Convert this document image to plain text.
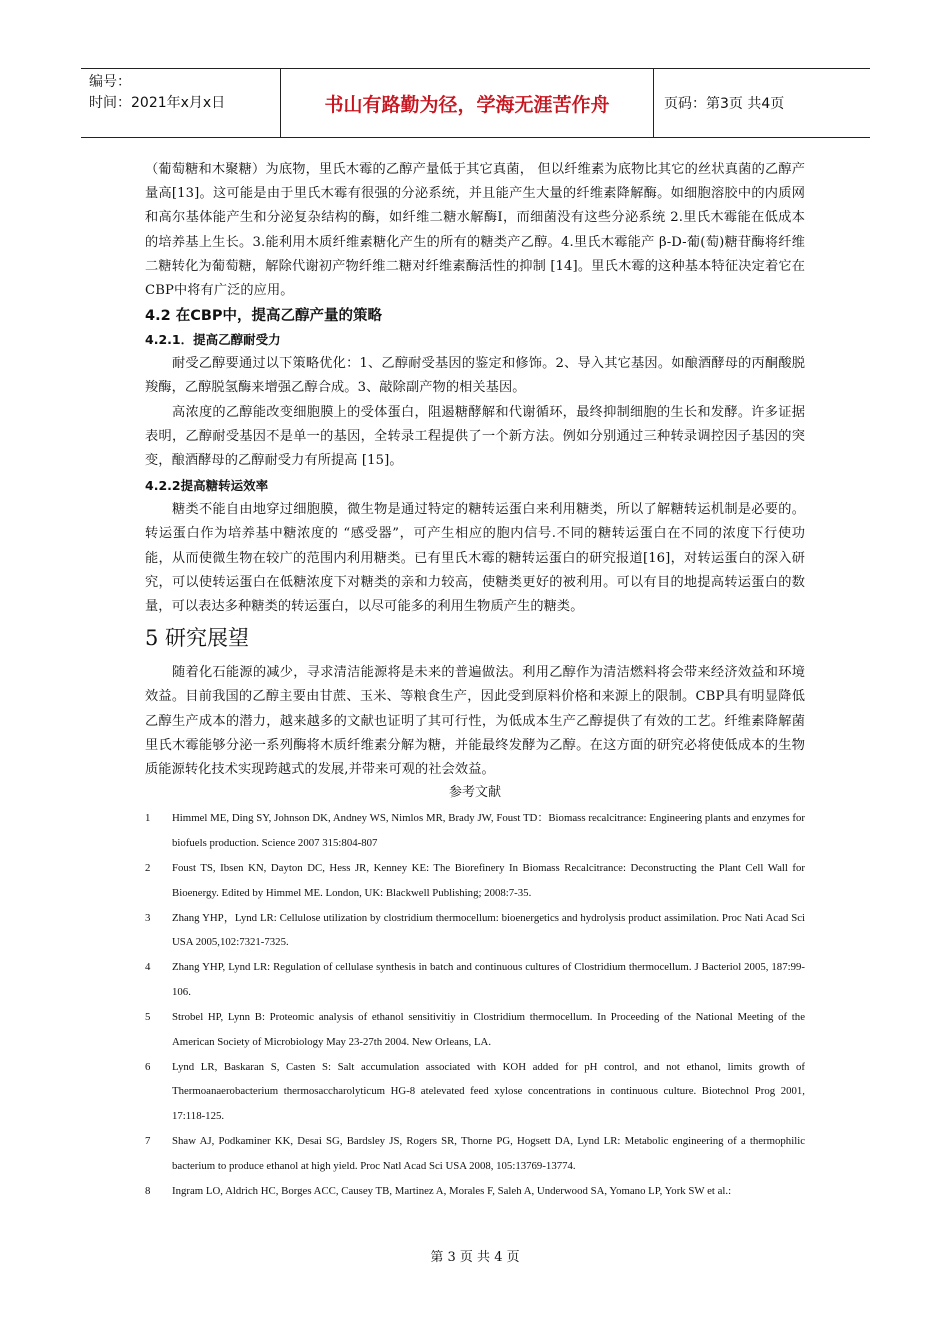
编号：
时间：2021年x月x日	书山有路勤为径，学海无涯苦作舟	页码：第3页 共4页

（葡萄糖和木聚糖）为底物，里氏木霉的乙醇产量低于其它真菌， 但以纤维素为底物比其它的丝状真菌的乙醇产量高[13]。这可能是由于里氏木霉有很强的分泌系统，并且能产生大量的纤维素降解酶。如细胞溶胶中的内质网和高尔基体能产生和分泌复杂结构的酶，如纤维二糖水解酶Ⅰ，而细菌没有这些分泌系统 2.里氏木霉能在低成本的培养基上生长。3.能利用木质纤维素糖化产生的所有的糖类产乙醇。4.里氏木霉能产 β-D-葡(萄)糖苷酶将纤维二糖转化为葡萄糖，解除代谢初产物纤维二糖对纤维素酶活性的抑制 [14]。里氏木霉的这种基本特征决定着它在CBP中将有广泛的应用。

4.2 在CBP中，提高乙醇产量的策略
4.2.1．提高乙醇耐受力

耐受乙醇要通过以下策略优化：1、乙醇耐受基因的鉴定和修饰。2、导入其它基因。如酿酒酵母的丙酮酸脱羧酶，乙醇脱氢酶来增强乙醇合成。3、敲除副产物的相关基因。

高浓度的乙醇能改变细胞膜上的受体蛋白，阻遏糖酵解和代谢循环，最终抑制细胞的生长和发酵。许多证据表明，乙醇耐受基因不是单一的基因，全转录工程提供了一个新方法。例如分别通过三种转录调控因子基因的突变，酿酒酵母的乙醇耐受力有所提高 [15]。

4.2.2提高糖转运效率

糖类不能自由地穿过细胞膜，微生物是通过特定的糖转运蛋白来利用糖类，所以了解糖转运机制是必要的。转运蛋白作为培养基中糖浓度的 “感受器”，可产生相应的胞内信号.不同的糖转运蛋白在不同的浓度下行使功能，从而使微生物在较广的范围内利用糖类。已有里氏木霉的糖转运蛋白的研究报道[16]，对转运蛋白的深入研究，可以使转运蛋白在低糖浓度下对糖类的亲和力较高，使糖类更好的被利用。可以有目的地提高转运蛋白的数量，可以表达多种糖类的转运蛋白，以尽可能多的利用生物质产生的糖类。

5 研究展望

随着化石能源的减少，寻求清洁能源将是未来的普遍做法。利用乙醇作为清洁燃料将会带来经济效益和环境效益。目前我国的乙醇主要由甘蔗、玉米、等粮食生产，因此受到原料价格和来源上的限制。CBP具有明显降低乙醇生产成本的潜力，越来越多的文献也证明了其可行性，为低成本生产乙醇提供了有效的工艺。纤维素降解菌里氏木霉能够分泌一系列酶将木质纤维素分解为糖，并能最终发酵为乙醇。在这方面的研究必将使低成本的生物质能源转化技术实现跨越式的发展,并带来可观的社会效益。

参考文献
1	Himmel ME, Ding SY, Johnson DK, Andney WS, Nimlos MR, Brady JW, Foust TD：Biomass recalcitrance: Engineering plants and enzymes for biofuels production. Science 2007 315:804-807
2	Foust TS, Ibsen KN, Dayton DC, Hess JR, Kenney KE: The Biorefinery In Biomass Recalcitrance: Deconstructing the Plant Cell Wall for Bioenergy. Edited by Himmel ME. London, UK: Blackwell Publishing; 2008:7-35.
3	Zhang YHP，Lynd LR: Cellulose utilization by clostridium thermocellum: bioenergetics and hydrolysis product assimilation. Proc Nati Acad Sci USA 2005,102:7321-7325.
4	Zhang YHP, Lynd LR: Regulation of cellulase synthesis in batch and continuous cultures of Clostridium thermocellum. J Bacteriol 2005, 187:99-106.
5	Strobel HP, Lynn B: Proteomic analysis of ethanol sensitivitiy in Clostridium thermocellum. In Proceeding of the National Meeting of the American Society of Microbiology May 23-27th 2004. New Orleans, LA.
6	Lynd LR, Baskaran S, Casten S: Salt accumulation associated with KOH added for pH control, and not ethanol, limits growth of Thermoanaerobacterium thermosaccharolyticum HG-8 atelevated feed xylose concentrations in continuous culture. Biotechnol Prog 2001, 17:118-125.
7	Shaw AJ, Podkaminer KK, Desai SG, Bardsley JS, Rogers SR, Thorne PG, Hogsett DA, Lynd LR: Metabolic engineering of a thermophilic bacterium to produce ethanol at high yield. Proc Natl Acad Sci USA 2008, 105:13769-13774.
8	Ingram LO, Aldrich HC, Borges ACC, Causey TB, Martinez A, Morales F, Saleh A, Underwood SA, Yomano LP, York SW et al.:
第 3 页 共 4 页
